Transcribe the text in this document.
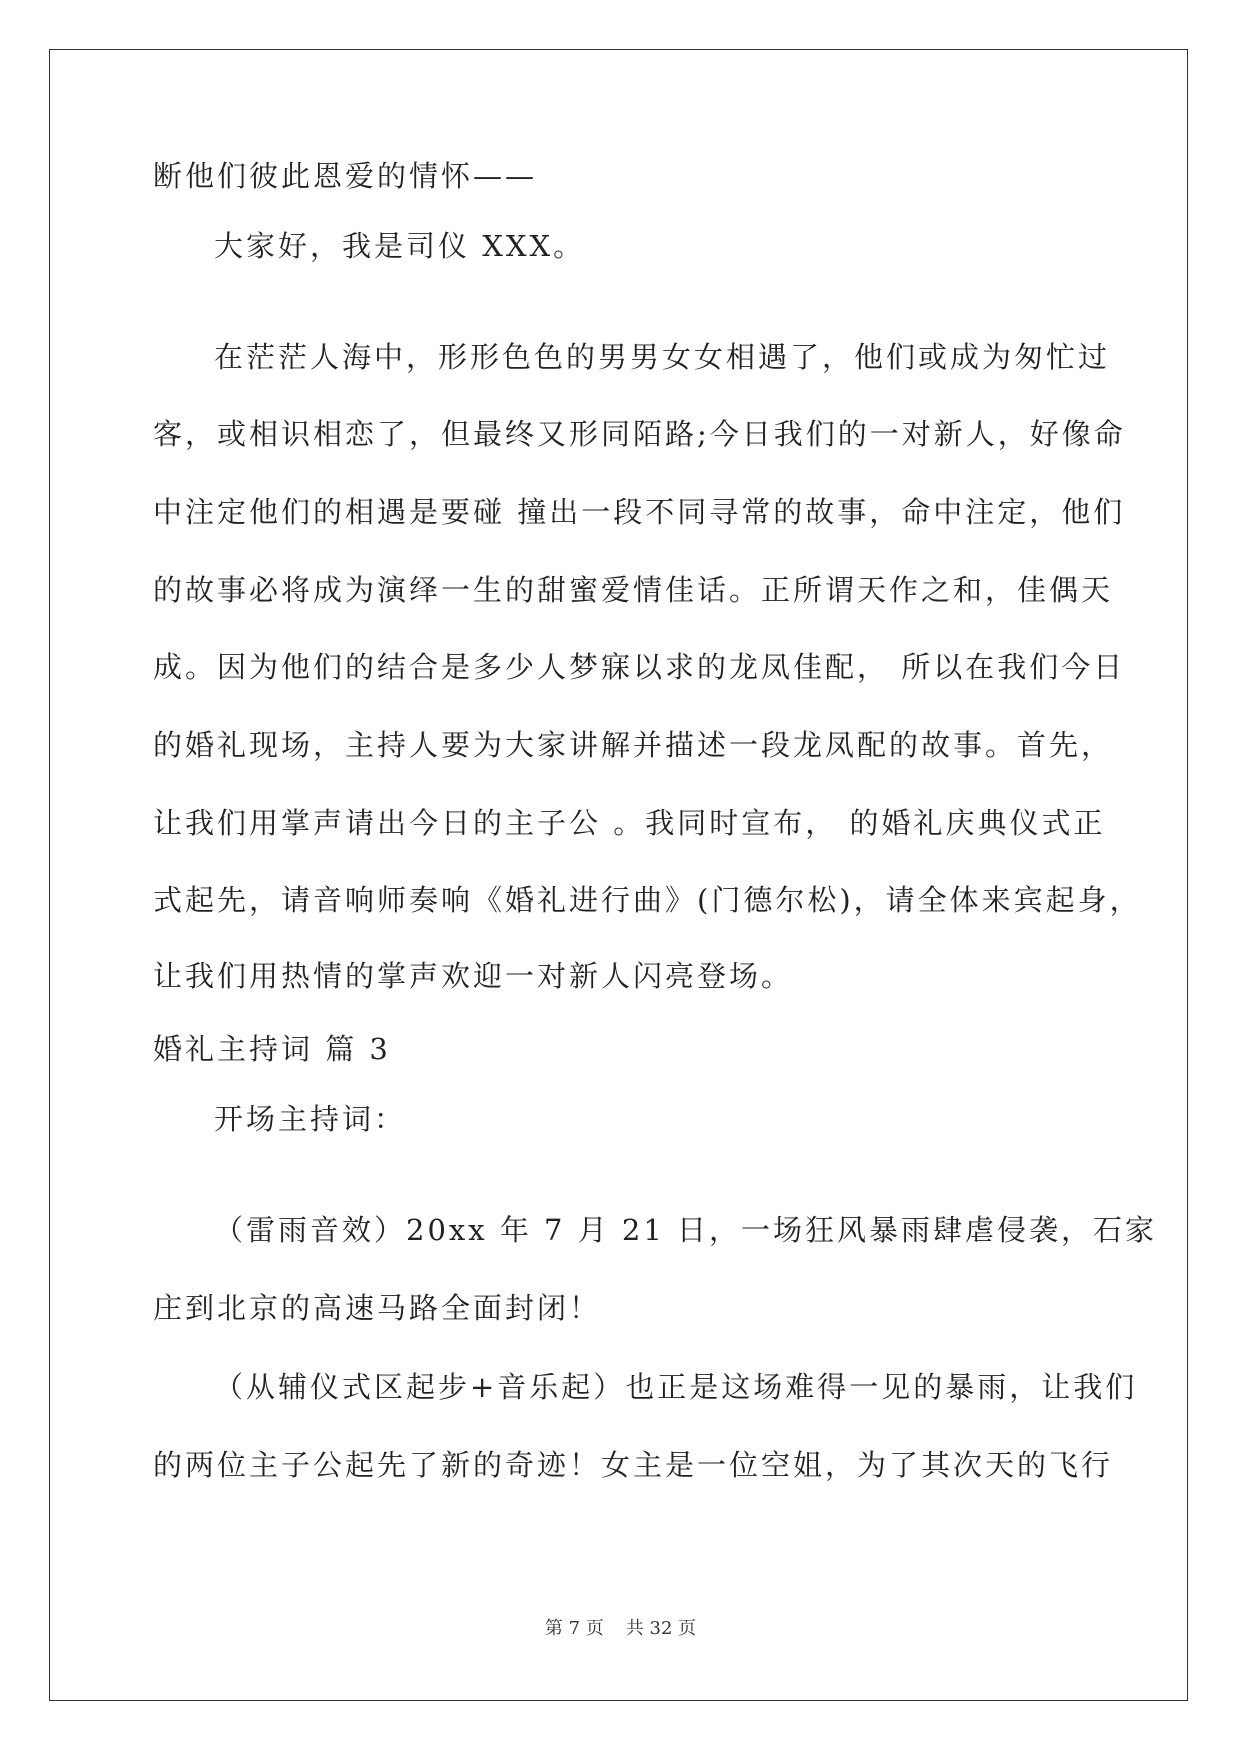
断他们彼此恩爱的情怀——
大家好，我是司仪 XXX。
在茫茫人海中，形形色色的男男女女相遇了，他们或成为匆忙过
客，或相识相恋了，但最终又形同陌路;今日我们的一对新人，好像命
中注定他们的相遇是要碰 撞出一段不同寻常的故事，命中注定，他们
的故事必将成为演绎一生的甜蜜爱情佳话。正所谓天作之和，佳偶天
成。因为他们的结合是多少人梦寐以求的龙凤佳配， 所以在我们今日
的婚礼现场，主持人要为大家讲解并描述一段龙凤配的故事。首先，
让我们用掌声请出今日的主子公 。我同时宣布， 的婚礼庆典仪式正
式起先，请音响师奏响《婚礼进行曲》(门德尔松)，请全体来宾起身，
让我们用热情的掌声欢迎一对新人闪亮登场。
婚礼主持词 篇 3
开场主持词：
（雷雨音效）20xx 年 7 月 21 日，一场狂风暴雨肆虐侵袭，石家
庄到北京的高速马路全面封闭！
（从辅仪式区起步+音乐起）也正是这场难得一见的暴雨，让我们
的两位主子公起先了新的奇迹！女主是一位空姐，为了其次天的飞行
第 7 页 共 32 页
